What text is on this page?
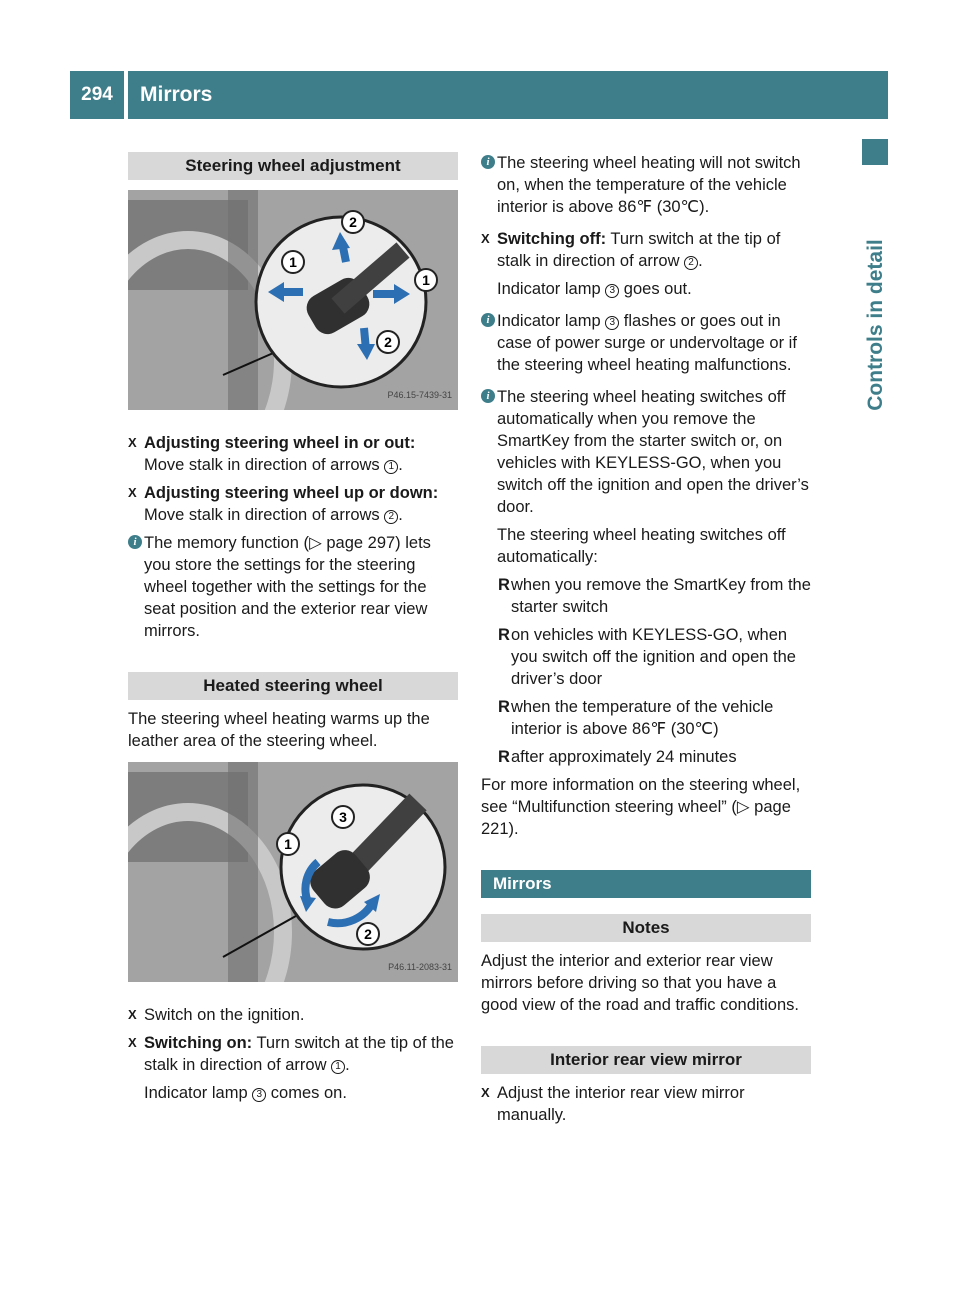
294	Mirrors
Controls in detail
Steering wheel adjustment
1
2
1
2
P46.15-7439-31
X Adjusting steering wheel in or out: Move stalk in direction of arrows 1 .
X Adjusting steering wheel up or down: Move stalk in direction of arrows 2 .
i The memory function (▷ page 297) lets you store the settings for the steering wheel together with the settings for the seat position and the exterior rear view mirrors.
Heated steering wheel

The steering wheel heating warms up the leather area of the steering wheel.

3
1
2
P46.11-2083-31
X Switch on the ignition.
X Switching on: Turn switch at the tip of the stalk in direction of arrow 1 .
Indicator lamp 3 comes on.
i The steering wheel heating will not switch on, when the temperature of the vehicle interior is above 86℉ (30℃).
X Switching off: Turn switch at the tip of stalk in direction of arrow 2 .
Indicator lamp 3 goes out.
i Indicator lamp 3 flashes or goes out in case of power surge or undervoltage or if the steering wheel heating malfunctions.
i The steering wheel heating switches off automatically when you remove the SmartKey from the starter switch or, on vehicles with KEYLESS-GO, when you switch off the ignition and open the driver’s door.
The steering wheel heating switches off automatically:
R when you remove the SmartKey from the starter switch
R on vehicles with KEYLESS-GO, when you switch off the ignition and open the driver’s door
R when the temperature of the vehicle interior is above 86℉ (30℃)
R after approximately 24 minutes

For more information on the steering wheel, see “Multifunction steering wheel” (▷ page 221).

Mirrors
Notes

Adjust the interior and exterior rear view mirrors before driving so that you have a good view of the road and traffic conditions.

Interior rear view mirror
X Adjust the interior rear view mirror manually.
